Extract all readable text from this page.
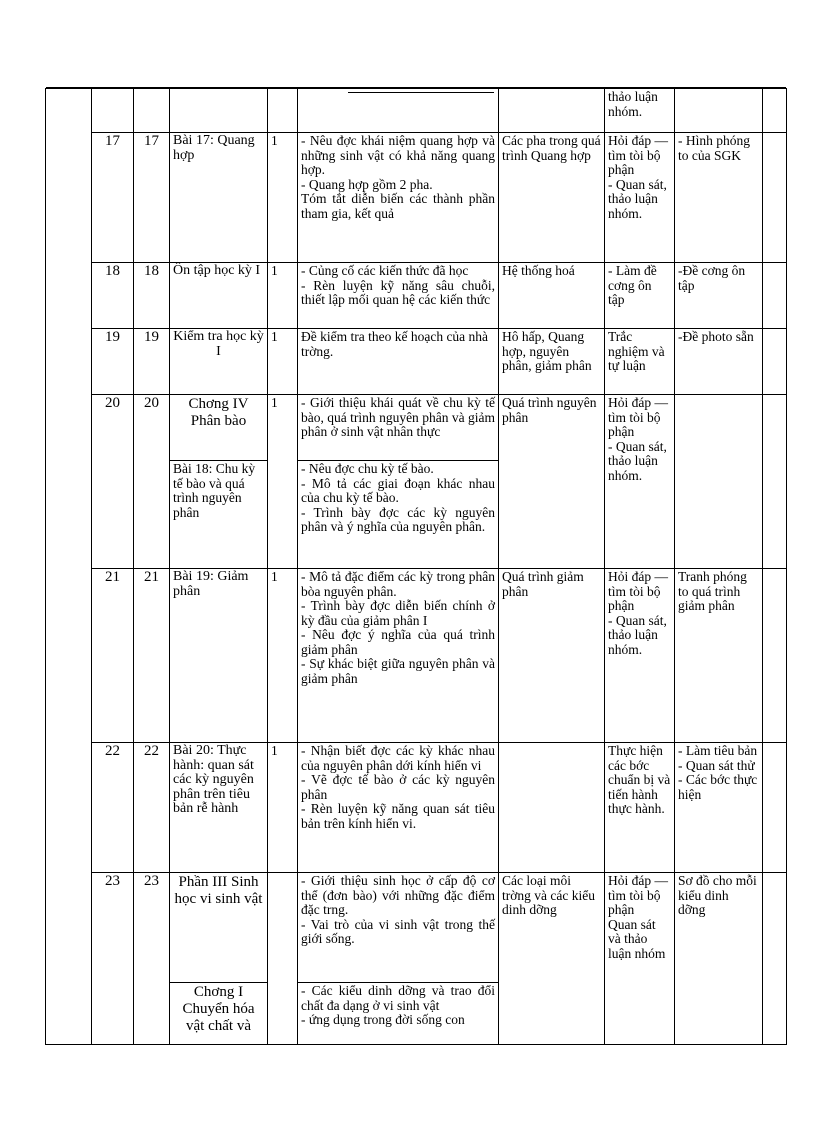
							thảo luận
nhóm.		

	17	17	Bài 17: Quang hợp	1	- Nêu đợc khái niệm quang hợp và những sinh vật có khả năng quang hợp.
- Quang hợp gồm 2 pha.
Tóm tắt diễn biến các thành phần tham gia, kết quả	Các pha trong quá trình Quang hợp	Hỏi đáp — tìm tòi bộ phận
- Quan sát, thảo luận nhóm.	- Hình phóng to của SGK	
	18	18	Ôn tập học kỳ I	1	- Củng cố các kiến thức đã học
- Rèn luyện kỹ năng sâu chuỗi, thiết lập mối quan hệ các kiến thức	Hệ thống hoá	- Làm đề cơng ôn tập	-Đề cơng ôn tập	
	19	19	Kiểm tra học kỳ I	1	Đề kiểm tra theo kế hoạch của nhà trờng.	Hô hấp, Quang hợp, nguyên phân, giảm phân	Trắc nghiệm và tự luận	-Đề photo sẵn	
	20	20	Chơng IV Phân bào	1	- Giới thiệu khái quát về chu kỳ tế bào, quá trình nguyên phân và giảm phân ở sinh vật nhân thực	Quá trình nguyên phân	Hỏi đáp — tìm tòi bộ phận
- Quan sát, thảo luận nhóm.		

			Bài 18: Chu kỳ tế bào và quá trình nguyên phân		- Nêu đợc chu kỳ tế bào.
- Mô tả các giai đoạn khác nhau của chu kỳ tế bào.
- Trình bày đợc các kỳ nguyên phân và ý nghĩa của nguyên phân.				

	21	21	Bài 19: Giảm phân	1	- Mô tả đặc điểm các kỳ trong phân bòa nguyên phân.
- Trình bày đợc diễn biến chính ở kỳ đầu của giảm phân I
- Nêu đợc ý nghĩa của quá trình giảm phân
- Sự khác biệt giữa nguyên phân và giảm phân	Quá trình giảm phân	Hỏi đáp — tìm tòi bộ phận
- Quan sát, thảo luận nhóm.	Tranh phóng to quá trình giảm phân	
	22	22	Bài 20: Thực hành: quan sát các kỳ nguyên phân trên tiêu bản rễ hành	1	- Nhận biết đợc các kỳ khác nhau của nguyên phân dới kính hiển vi
- Vẽ đợc tế bào ở các kỳ nguyên phân
- Rèn luyện kỹ năng quan sát tiêu bản trên kính hiển vi.		Thực hiện các bớc chuẩn bị và tiến hành thực hành.	- Làm tiêu bản
- Quan sát thử
- Các bớc thực hiện	

	23	23	Phần III Sinh học vi sinh vật		- Giới thiệu sinh học ở cấp độ cơ thể (đơn bào) với những đặc điểm đặc trng.
- Vai trò của vi sinh vật trong thế giới sống.	Các loại môi trờng và các kiểu dinh dỡng	Hỏi đáp — tìm tòi bộ phận
Quan sát và thảo luận nhóm	Sơ đồ cho mỗi kiểu dinh dỡng	
			Chơng I Chuyển hóa vật chất và		- Các kiểu dinh dỡng và trao đổi chất đa dạng ở vi sinh vật
- ứng dụng trong đời sống con				
